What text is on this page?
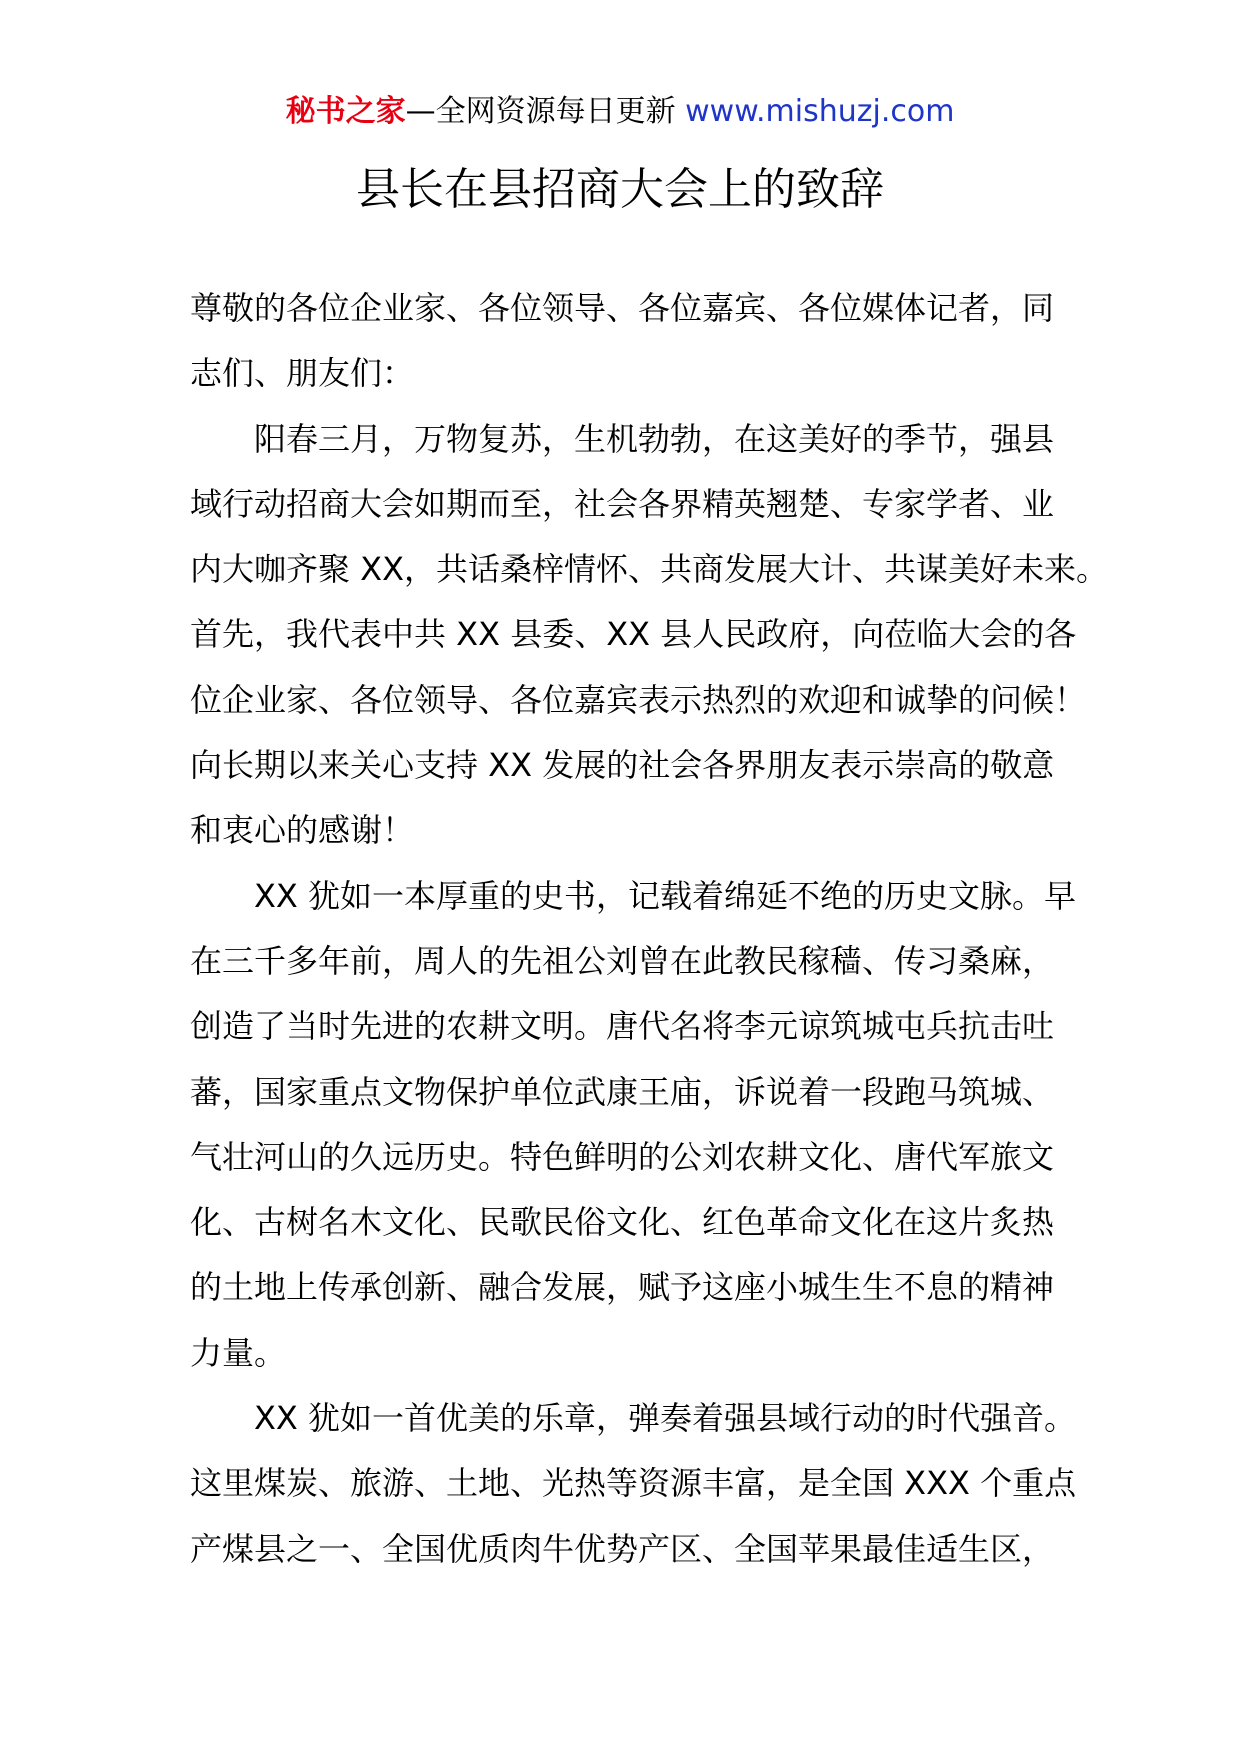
秘书之家—全网资源每日更新 www.mishuzj.com
县长在县招商大会上的致辞
尊敬的各位企业家、各位领导、各位嘉宾、各位媒体记者，同
志们、朋友们：
阳春三月，万物复苏，生机勃勃，在这美好的季节，强县
域行动招商大会如期而至，社会各界精英翘楚、专家学者、业
内大咖齐聚 XX，共话桑梓情怀、共商发展大计、共谋美好未来。
首先，我代表中共 XX 县委、XX 县人民政府，向莅临大会的各
位企业家、各位领导、各位嘉宾表示热烈的欢迎和诚挚的问候！
向长期以来关心支持 XX 发展的社会各界朋友表示崇高的敬意
和衷心的感谢！
XX 犹如一本厚重的史书，记载着绵延不绝的历史文脉。早
在三千多年前，周人的先祖公刘曾在此教民稼穑、传习桑麻，
创造了当时先进的农耕文明。唐代名将李元谅筑城屯兵抗击吐
蕃，国家重点文物保护单位武康王庙，诉说着一段跑马筑城、
气壮河山的久远历史。特色鲜明的公刘农耕文化、唐代军旅文
化、古树名木文化、民歌民俗文化、红色革命文化在这片炙热
的土地上传承创新、融合发展，赋予这座小城生生不息的精神
力量。
XX 犹如一首优美的乐章，弹奏着强县域行动的时代强音。
这里煤炭、旅游、土地、光热等资源丰富，是全国 XXX 个重点
产煤县之一、全国优质肉牛优势产区、全国苹果最佳适生区，
